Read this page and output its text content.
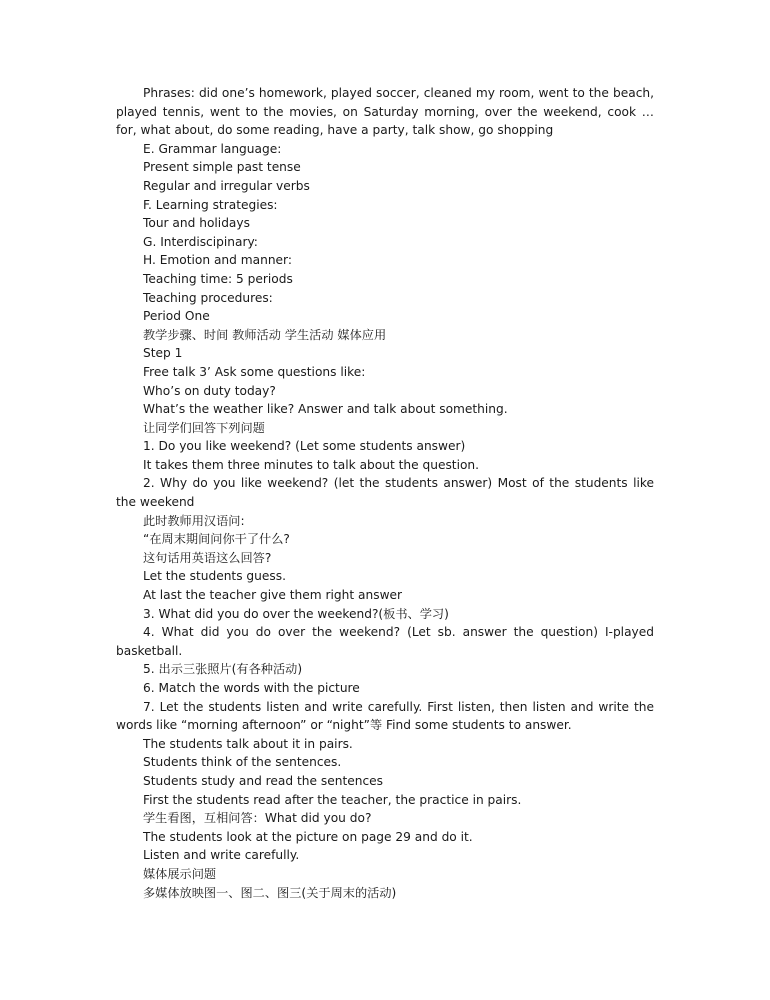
Phrases: did one’s homework, played soccer, cleaned my room, went to the beach, played tennis, went to the movies, on Saturday morning, over the weekend, cook … for, what about, do some reading, have a party, talk show, go shopping

E. Grammar language:

Present simple past tense

Regular and irregular verbs

F. Learning strategies:

Tour and holidays

G. Interdiscipinary:

H. Emotion and manner:

Teaching time: 5 periods

Teaching procedures:

Period One

教学步骤、时间 教师活动 学生活动 媒体应用

Step 1

Free talk 3’ Ask some questions like:

Who’s on duty today?

What’s the weather like? Answer and talk about something.

让同学们回答下列问题

1. Do you like weekend? (Let some students answer)

It takes them three minutes to talk about the question.

2. Why do you like weekend? (let the students answer) Most of the students like the weekend

此时教师用汉语问:

“在周末期间问你干了什么?

这句话用英语这么回答?

Let the students guess.

At last the teacher give them right answer

3. What did you do over the weekend?(板书、学习)

4. What did you do over the weekend? (Let sb. answer the question) I-played basketball.

5. 出示三张照片(有各种活动)

6. Match the words with the picture

7. Let the students listen and write carefully. First listen, then listen and write the words like “morning afternoon” or “night”等 Find some students to answer.

The students talk about it in pairs.

Students think of the sentences.

Students study and read the sentences

First the students read after the teacher, the practice in pairs.

学生看图，互相问答：What did you do?

The students look at the picture on page 29 and do it.

Listen and write carefully.

媒体展示问题

多媒体放映图一、图二、图三(关于周末的活动)
